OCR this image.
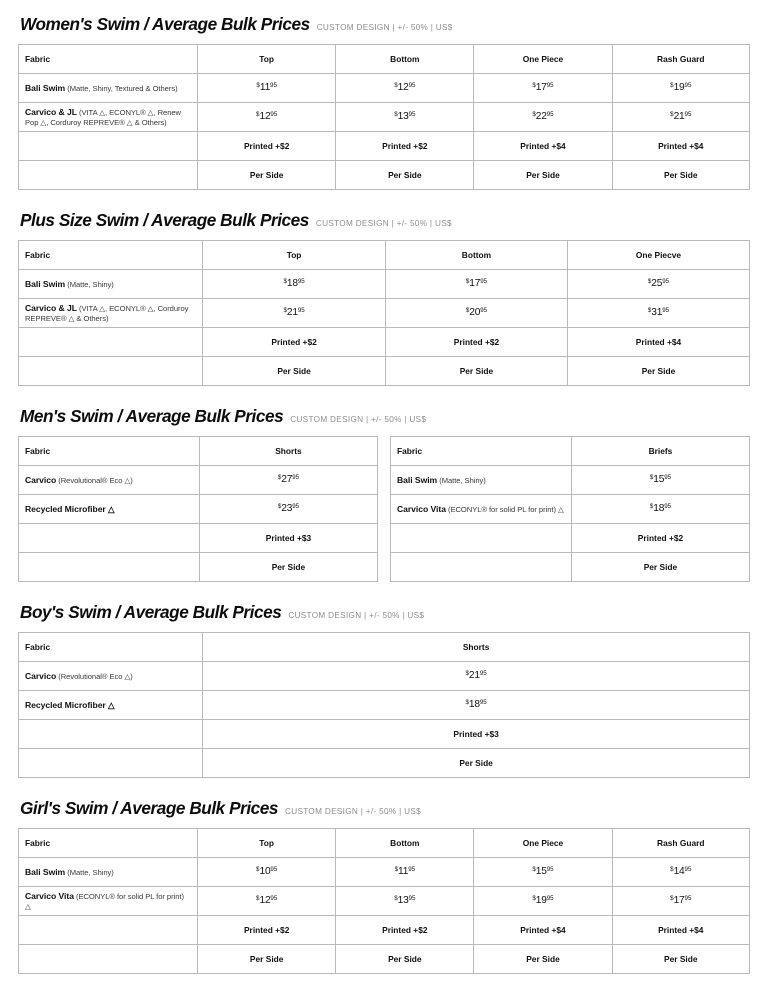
Women's Swim / Average Bulk Prices CUSTOM DESIGN | +/- 50% | US$
Fabric	Top	Bottom	One Piece	Rash Guard
Bali Swim (Matte, Shiny, Textured & Others)	$^{\$}11^{95}$	$^{\$}12^{95}$	$^{\$}17^{95}$	$^{\$}19^{95}$
Carvico & JL (VITA △, ECONYL® △, Renew Pop △, Corduroy REPREVE® △ & Others)	$^{\$}12^{95}$	$^{\$}13^{95}$	$^{\$}22^{95}$	$^{\$}21^{95}$
	Printed +$2	Printed +$2	Printed +$4	Printed +$4
	Per Side	Per Side	Per Side	Per Side
Plus Size Swim / Average Bulk Prices CUSTOM DESIGN | +/- 50% | US$
Fabric	Top	Bottom	One Piecve
Bali Swim (Matte, Shiny)	$^{\$}18^{95}$	$^{\$}17^{95}$	$^{\$}25^{95}$
Carvico & JL (VITA △, ECONYL® △, Corduroy REPREVE® △ & Others)	$^{\$}21^{95}$	$^{\$}20^{95}$	$^{\$}31^{95}$
	Printed +$2	Printed +$2	Printed +$4
	Per Side	Per Side	Per Side
Men's Swim / Average Bulk Prices CUSTOM DESIGN | +/- 50% | US$
Fabric	Shorts
Carvico (Revolutional® Eco △)	$^{\$}27^{95}$
Recycled Microfiber △	$^{\$}23^{95}$
	Printed +$3
	Per Side
Fabric	Briefs
Bali Swim (Matte, Shiny)	$^{\$}15^{95}$
Carvico Vita (ECONYL® for solid PL for print) △	$^{\$}18^{95}$
	Printed +$2
	Per Side
Boy's Swim / Average Bulk Prices CUSTOM DESIGN | +/- 50% | US$
Fabric	Shorts
Carvico (Revolutional® Eco △)	$^{\$}21^{95}$
Recycled Microfiber △	$^{\$}18^{95}$
	Printed +$3
	Per Side
Girl's Swim / Average Bulk Prices CUSTOM DESIGN | +/- 50% | US$
Fabric	Top	Bottom	One Piece	Rash Guard
Bali Swim (Matte, Shiny)	$^{\$}10^{95}$	$^{\$}11^{95}$	$^{\$}15^{95}$	$^{\$}14^{95}$
Carvico Vita (ECONYL® for solid PL for print) △	$^{\$}12^{95}$	$^{\$}13^{95}$	$^{\$}19^{95}$	$^{\$}17^{95}$
	Printed +$2	Printed +$2	Printed +$4	Printed +$4
	Per Side	Per Side	Per Side	Per Side
